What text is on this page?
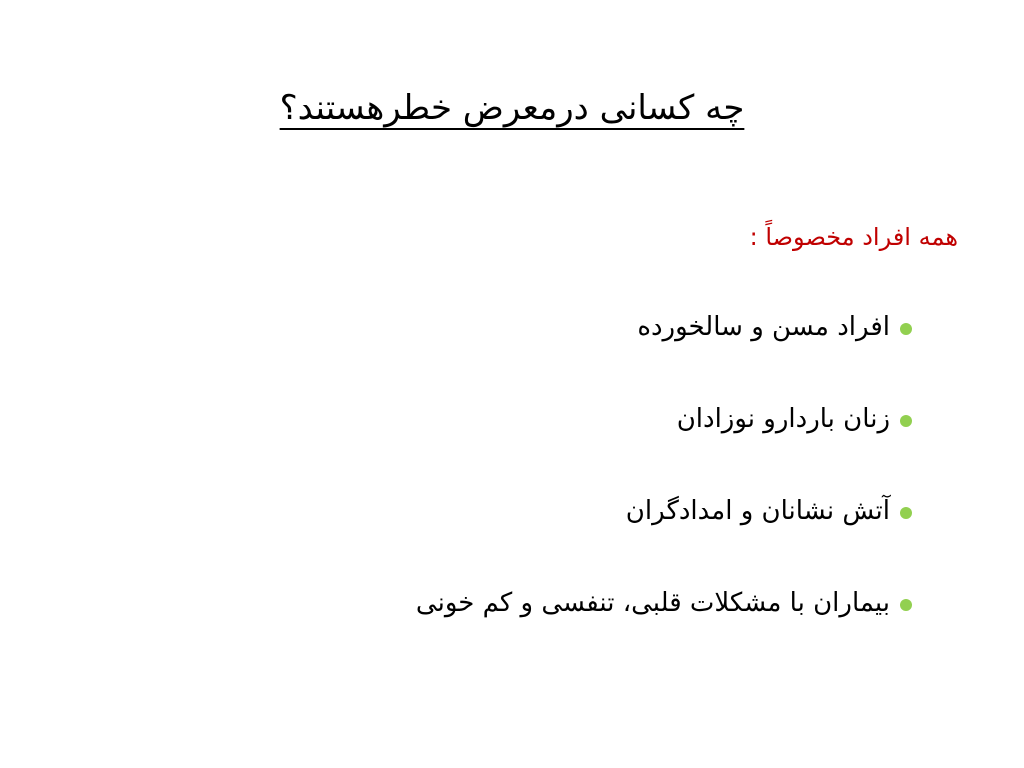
چه کسانی درمعرض خطرهستند؟
همه افراد مخصوصاً :
افراد مسن و سالخورده
زنان باردارو نوزادان
آتش نشانان و امدادگران
بیماران با مشکلات قلبی، تنفسی و کم خونی
